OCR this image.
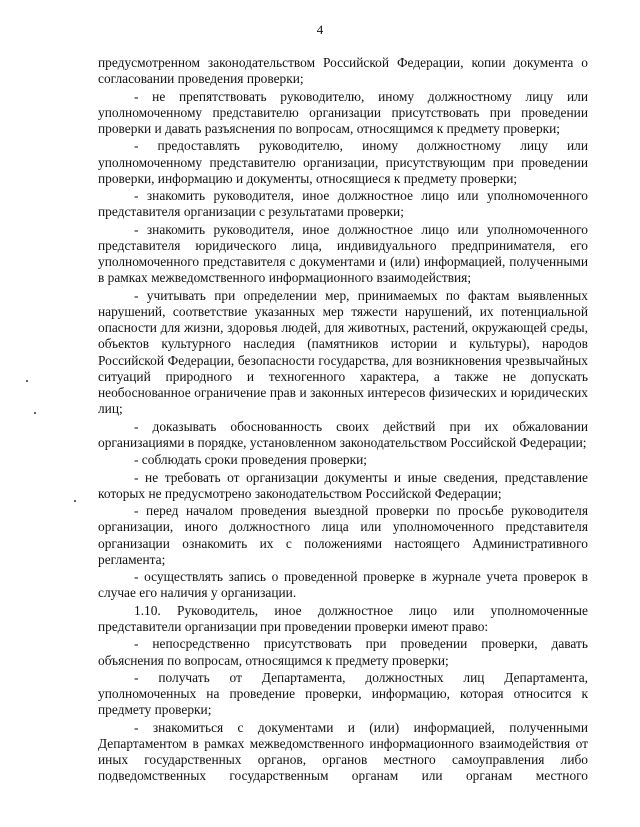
4

предусмотренном законодательством Российской Федерации, копии документа о согласовании проведения проверки;

- не препятствовать руководителю, иному должностному лицу или уполномоченному представителю организации присутствовать при проведении проверки и давать разъяснения по вопросам, относящимся к предмету проверки;

- предоставлять руководителю, иному должностному лицу или уполномоченному представителю организации, присутствующим при проведении проверки, информацию и документы, относящиеся к предмету проверки;

- знакомить руководителя, иное должностное лицо или уполномоченного представителя организации с результатами проверки;

- знакомить руководителя, иное должностное лицо или уполномоченного представителя юридического лица, индивидуального предпринимателя, его уполномоченного представителя с документами и (или) информацией, полученными в рамках межведомственного информационного взаимодействия;

- учитывать при определении мер, принимаемых по фактам выявленных нарушений, соответствие указанных мер тяжести нарушений, их потенциальной опасности для жизни, здоровья людей, для животных, растений, окружающей среды, объектов культурного наследия (памятников истории и культуры), народов Российской Федерации, безопасности государства, для возникновения чрезвычайных ситуаций природного и техногенного характера, а также не допускать необоснованное ограничение прав и законных интересов физических и юридических лиц;

- доказывать обоснованность своих действий при их обжаловании организациями в порядке, установленном законодательством Российской Федерации;

- соблюдать сроки проведения проверки;

- не требовать от организации документы и иные сведения, представление которых не предусмотрено законодательством Российской Федерации;

- перед началом проведения выездной проверки по просьбе руководителя организации, иного должностного лица или уполномоченного представителя организации ознакомить их с положениями настоящего Административного регламента;

- осуществлять запись о проведенной проверке в журнале учета проверок в случае его наличия у организации.

1.10. Руководитель, иное должностное лицо или уполномоченные представители организации при проведении проверки имеют право:

- непосредственно присутствовать при проведении проверки, давать объяснения по вопросам, относящимся к предмету проверки;

- получать от Департамента, должностных лиц Департамента, уполномоченных на проведение проверки, информацию, которая относится к предмету проверки;

- знакомиться с документами и (или) информацией, полученными Департаментом в рамках межведомственного информационного взаимодействия от иных государственных органов, органов местного самоуправления либо подведомственных государственным органам или органам местного
